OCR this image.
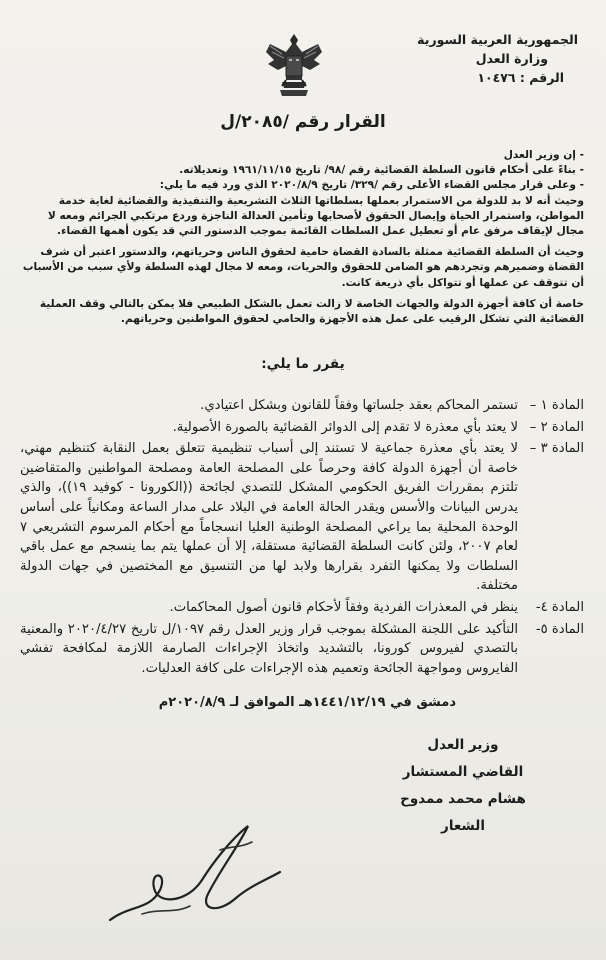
الجمهورية العربية السورية
وزارة العدل
الرقم : ١٠٤٧٦
القرار رقم /٢٠٨٥/ل

- إن وزير العدل

- بناءً على أحكام قانون السلطة القضائية رقم /٩٨/ تاريخ ١٩٦١/١١/١٥ وتعديلاته.

- وعلى قرار مجلس القضاء الأعلى رقم /٣٢٩/ تاريخ ٢٠٢٠/٨/٩ الذي ورد فيه ما يلي:

وحيث أنه لا بد للدولة من الاستمرار بعملها بسلطاتها الثلاث التشريعية والتنفيذية والقضائية لغاية خدمة المواطن، واستمرار الحياة وإيصال الحقوق لأصحابها وتأمين العدالة الناجزة وردع مرتكبي الجرائم ومعه لا مجال لإيقاف مرفق عام أو تعطيل عمل السلطات القائمة بموجب الدستور التي قد يكون أهمها القضاء.

وحيث أن السلطة القضائية ممثلة بالسادة القضاة حامية لحقوق الناس وحرياتهم، والدستور اعتبر أن شرف القضاة وضميرهم وتجردهم هو الضامن للحقوق والحريات، ومعه لا مجال لهذه السلطة ولأي سبب من الأسباب أن تتوقف عن عملها أو تتواكل بأي ذريعة كانت.

خاصة أن كافة أجهزة الدولة والجهات الخاصة لا زالت تعمل بالشكل الطبيعي فلا يمكن بالتالي وقف العملية القضائية التي تشكل الرقيب على عمل هذه الأجهزة والحامي لحقوق المواطنين وحرياتهم.

يقرر ما يلي:
المادة ١ –
تستمر المحاكم بعقد جلساتها وفقاً للقانون وبشكل اعتيادي.
المادة ٢ –
لا يعتد بأي معذرة لا تقدم إلى الدوائر القضائية بالصورة الأصولية.
المادة ٣ –
لا يعتد بأي معذرة جماعية لا تستند إلى أسباب تنظيمية تتعلق بعمل النقابة كتنظيم مهني، خاصة أن أجهزة الدولة كافة وحرصاً على المصلحة العامة ومصلحة المواطنين والمتقاضين تلتزم بمقررات الفريق الحكومي المشكل للتصدي لجائحة ((الكورونا - كوفيد ١٩))، والذي يدرس البيانات والأسس ويقدر الحالة العامة في البلاد على مدار الساعة ومكانياً على أساس الوحدة المحلية بما يراعي المصلحة الوطنية العليا انسجاماً مع أحكام المرسوم التشريعي ٧ لعام ٢٠٠٧، ولئن كانت السلطة القضائية مستقلة، إلا أن عملها يتم بما ينسجم مع عمل باقي السلطات ولا يمكنها التفرد بقرارها ولابد لها من التنسيق مع المختصين في جهات الدولة مختلفة.
المادة ٤-
ينظر في المعذرات الفردية وفقاً لأحكام قانون أصول المحاكمات.
المادة ٥-
التأكيد على اللجنة المشكلة بموجب قرار وزير العدل رقم ١٠٩٧/ل تاريخ ٢٠٢٠/٤/٢٧ والمعنية بالتصدي لفيروس كورونا، بالتشديد واتخاذ الإجراءات الصارمة اللازمة لمكافحة تفشي الفايروس ومواجهة الجائحة وتعميم هذه الإجراءات على كافة العدليات.
دمشق في ١٤٤١/١٢/١٩هـ الموافق لـ ٢٠٢٠/٨/٩م
وزير العدل
القاضي المستشار
هشام محمد ممدوح الشعار
